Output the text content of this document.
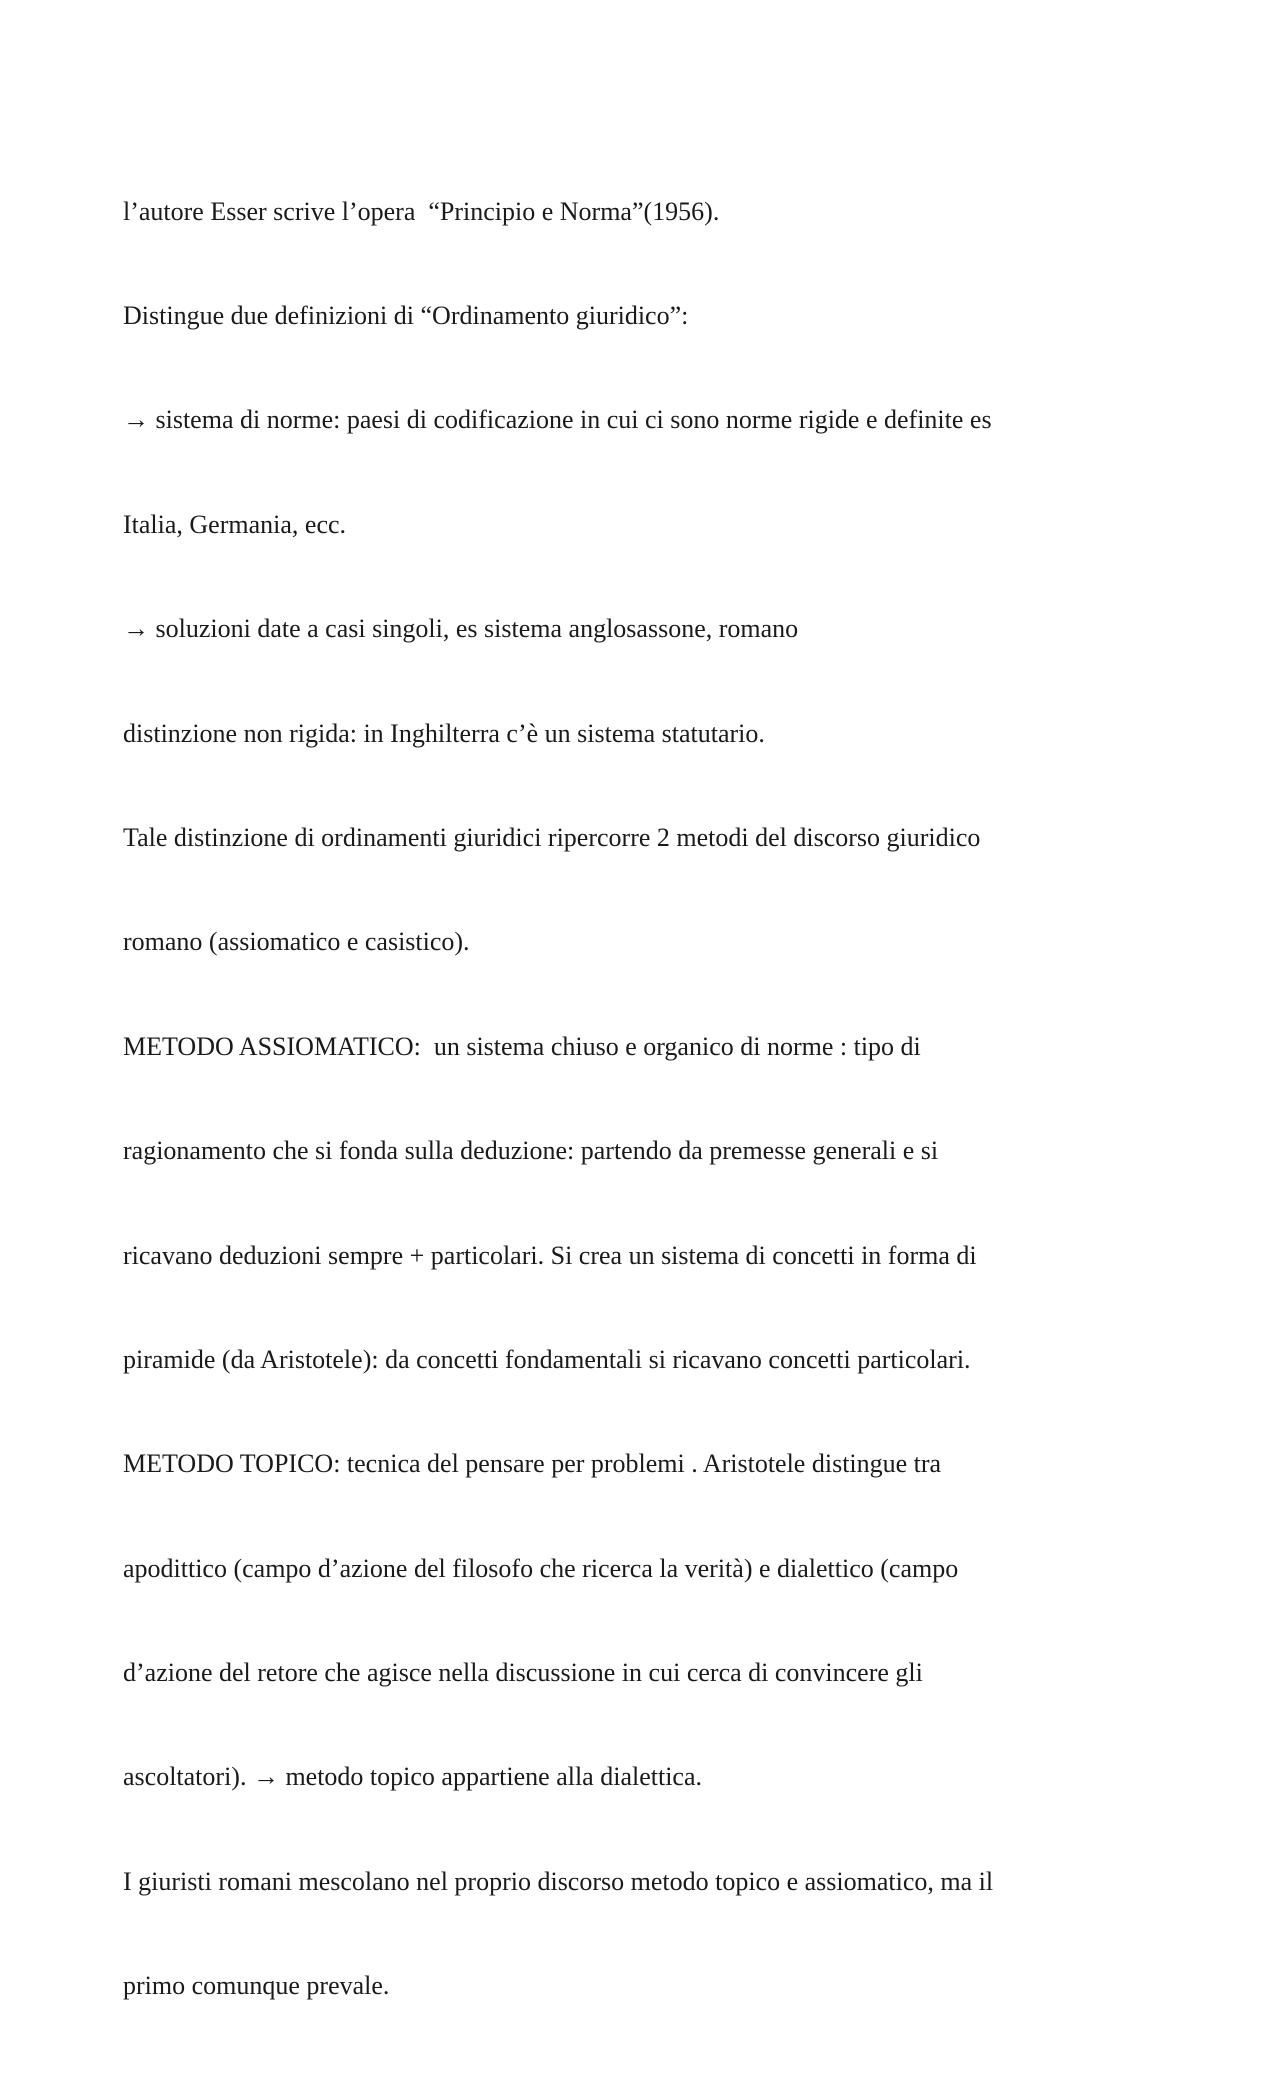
l’autore Esser scrive l’opera  “Principio e Norma”(1956).

Distingue due definizioni di “Ordinamento giuridico”:

→ sistema di norme: paesi di codificazione in cui ci sono norme rigide e definite es

Italia, Germania, ecc.

→ soluzioni date a casi singoli, es sistema anglosassone, romano

distinzione non rigida: in Inghilterra c’è un sistema statutario.

Tale distinzione di ordinamenti giuridici ripercorre 2 metodi del discorso giuridico

romano (assiomatico e casistico).

METODO ASSIOMATICO:  un sistema chiuso e organico di norme : tipo di

ragionamento che si fonda sulla deduzione: partendo da premesse generali e si

ricavano deduzioni sempre + particolari. Si crea un sistema di concetti in forma di

piramide (da Aristotele): da concetti fondamentali si ricavano concetti particolari.

METODO TOPICO: tecnica del pensare per problemi . Aristotele distingue tra

apodittico (campo d’azione del filosofo che ricerca la verità) e dialettico (campo

d’azione del retore che agisce nella discussione in cui cerca di convincere gli

ascoltatori). → metodo topico appartiene alla dialettica.

I giuristi romani mescolano nel proprio discorso metodo topico e assiomatico, ma il

primo comunque prevale.
